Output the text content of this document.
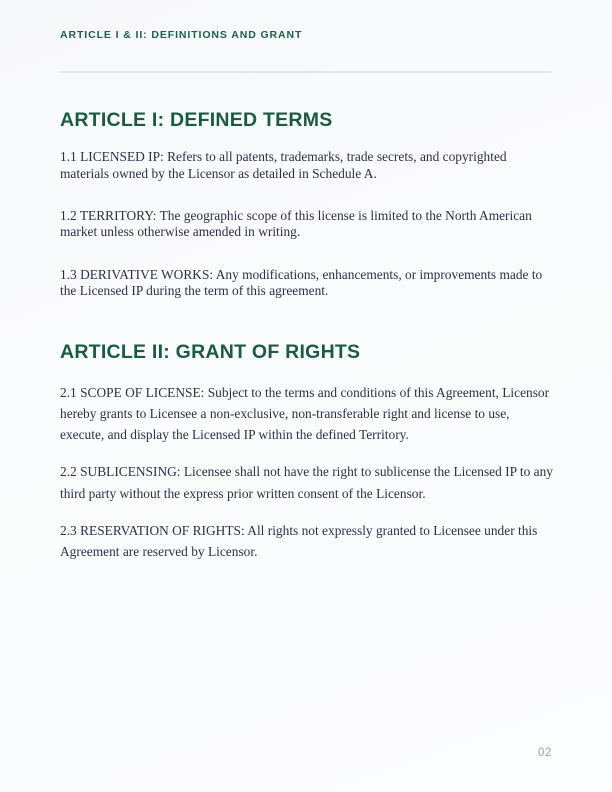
ARTICLE I & II: DEFINITIONS AND GRANT
ARTICLE I: DEFINED TERMS

1.1 LICENSED IP: Refers to all patents, trademarks, trade secrets, and copyrighted materials owned by the Licensor as detailed in Schedule A.

1.2 TERRITORY: The geographic scope of this license is limited to the North American market unless otherwise amended in writing.

1.3 DERIVATIVE WORKS: Any modifications, enhancements, or improvements made to the Licensed IP during the term of this agreement.

ARTICLE II: GRANT OF RIGHTS

2.1 SCOPE OF LICENSE: Subject to the terms and conditions of this Agreement, Licensor hereby grants to Licensee a non-exclusive, non-transferable right and license to use, execute, and display the Licensed IP within the defined Territory.

2.2 SUBLICENSING: Licensee shall not have the right to sublicense the Licensed IP to any third party without the express prior written consent of the Licensor.

2.3 RESERVATION OF RIGHTS: All rights not expressly granted to Licensee under this Agreement are reserved by Licensor.

02
